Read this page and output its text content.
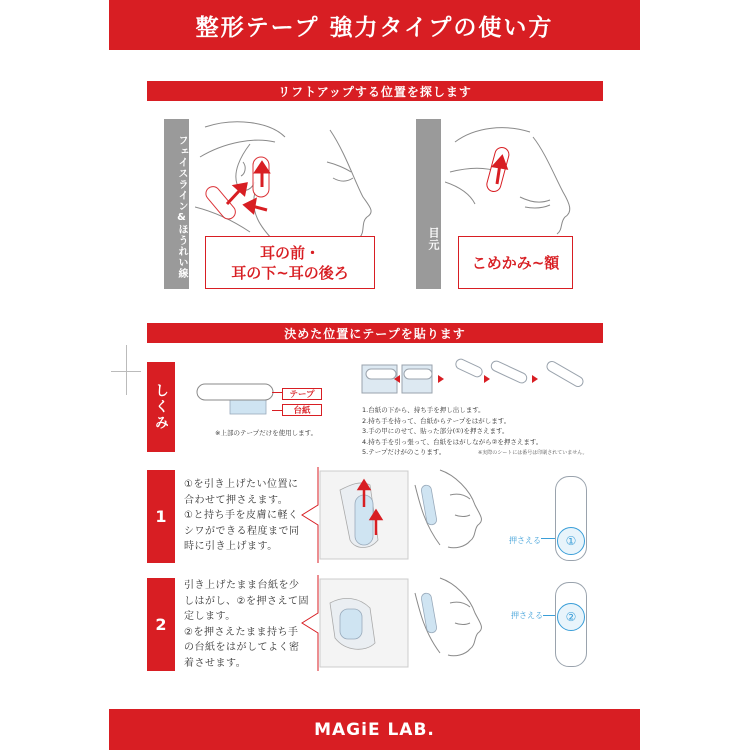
整形テープ 強力タイプの使い方
リフトアップする位置を探します
フェイスライン&ほうれい線	耳の前・
耳の下~耳の後ろ
目元
こめかみ~額
決めた位置にテープを貼ります
しくみ	テープ
台紙
※上部のテープだけを使用します。
1.台紙の下から、持ち手を押し出します。
2.持ち手を持って、台紙からテープをはがします。
3.手の甲にのせて、貼った部分(①)を押さえます。
4.持ち手を引っ張って、台紙をはがしながら②を押さえます。
5.テープだけがのこります。	※実際のシートには番号は印刷されていません。
1
①を引き上げたい位置に
合わせて押さえます。
①と持ち手を皮膚に軽く
シワができる程度まで同
時に引き上げます。	①
押さえる
2
引き上げたまま台紙を少
しはがし、②を押さえて固
定します。
②を押さえたまま持ち手
の台紙をはがしてよく密
着させます。
②
押さえる
MAGiE LAB.
